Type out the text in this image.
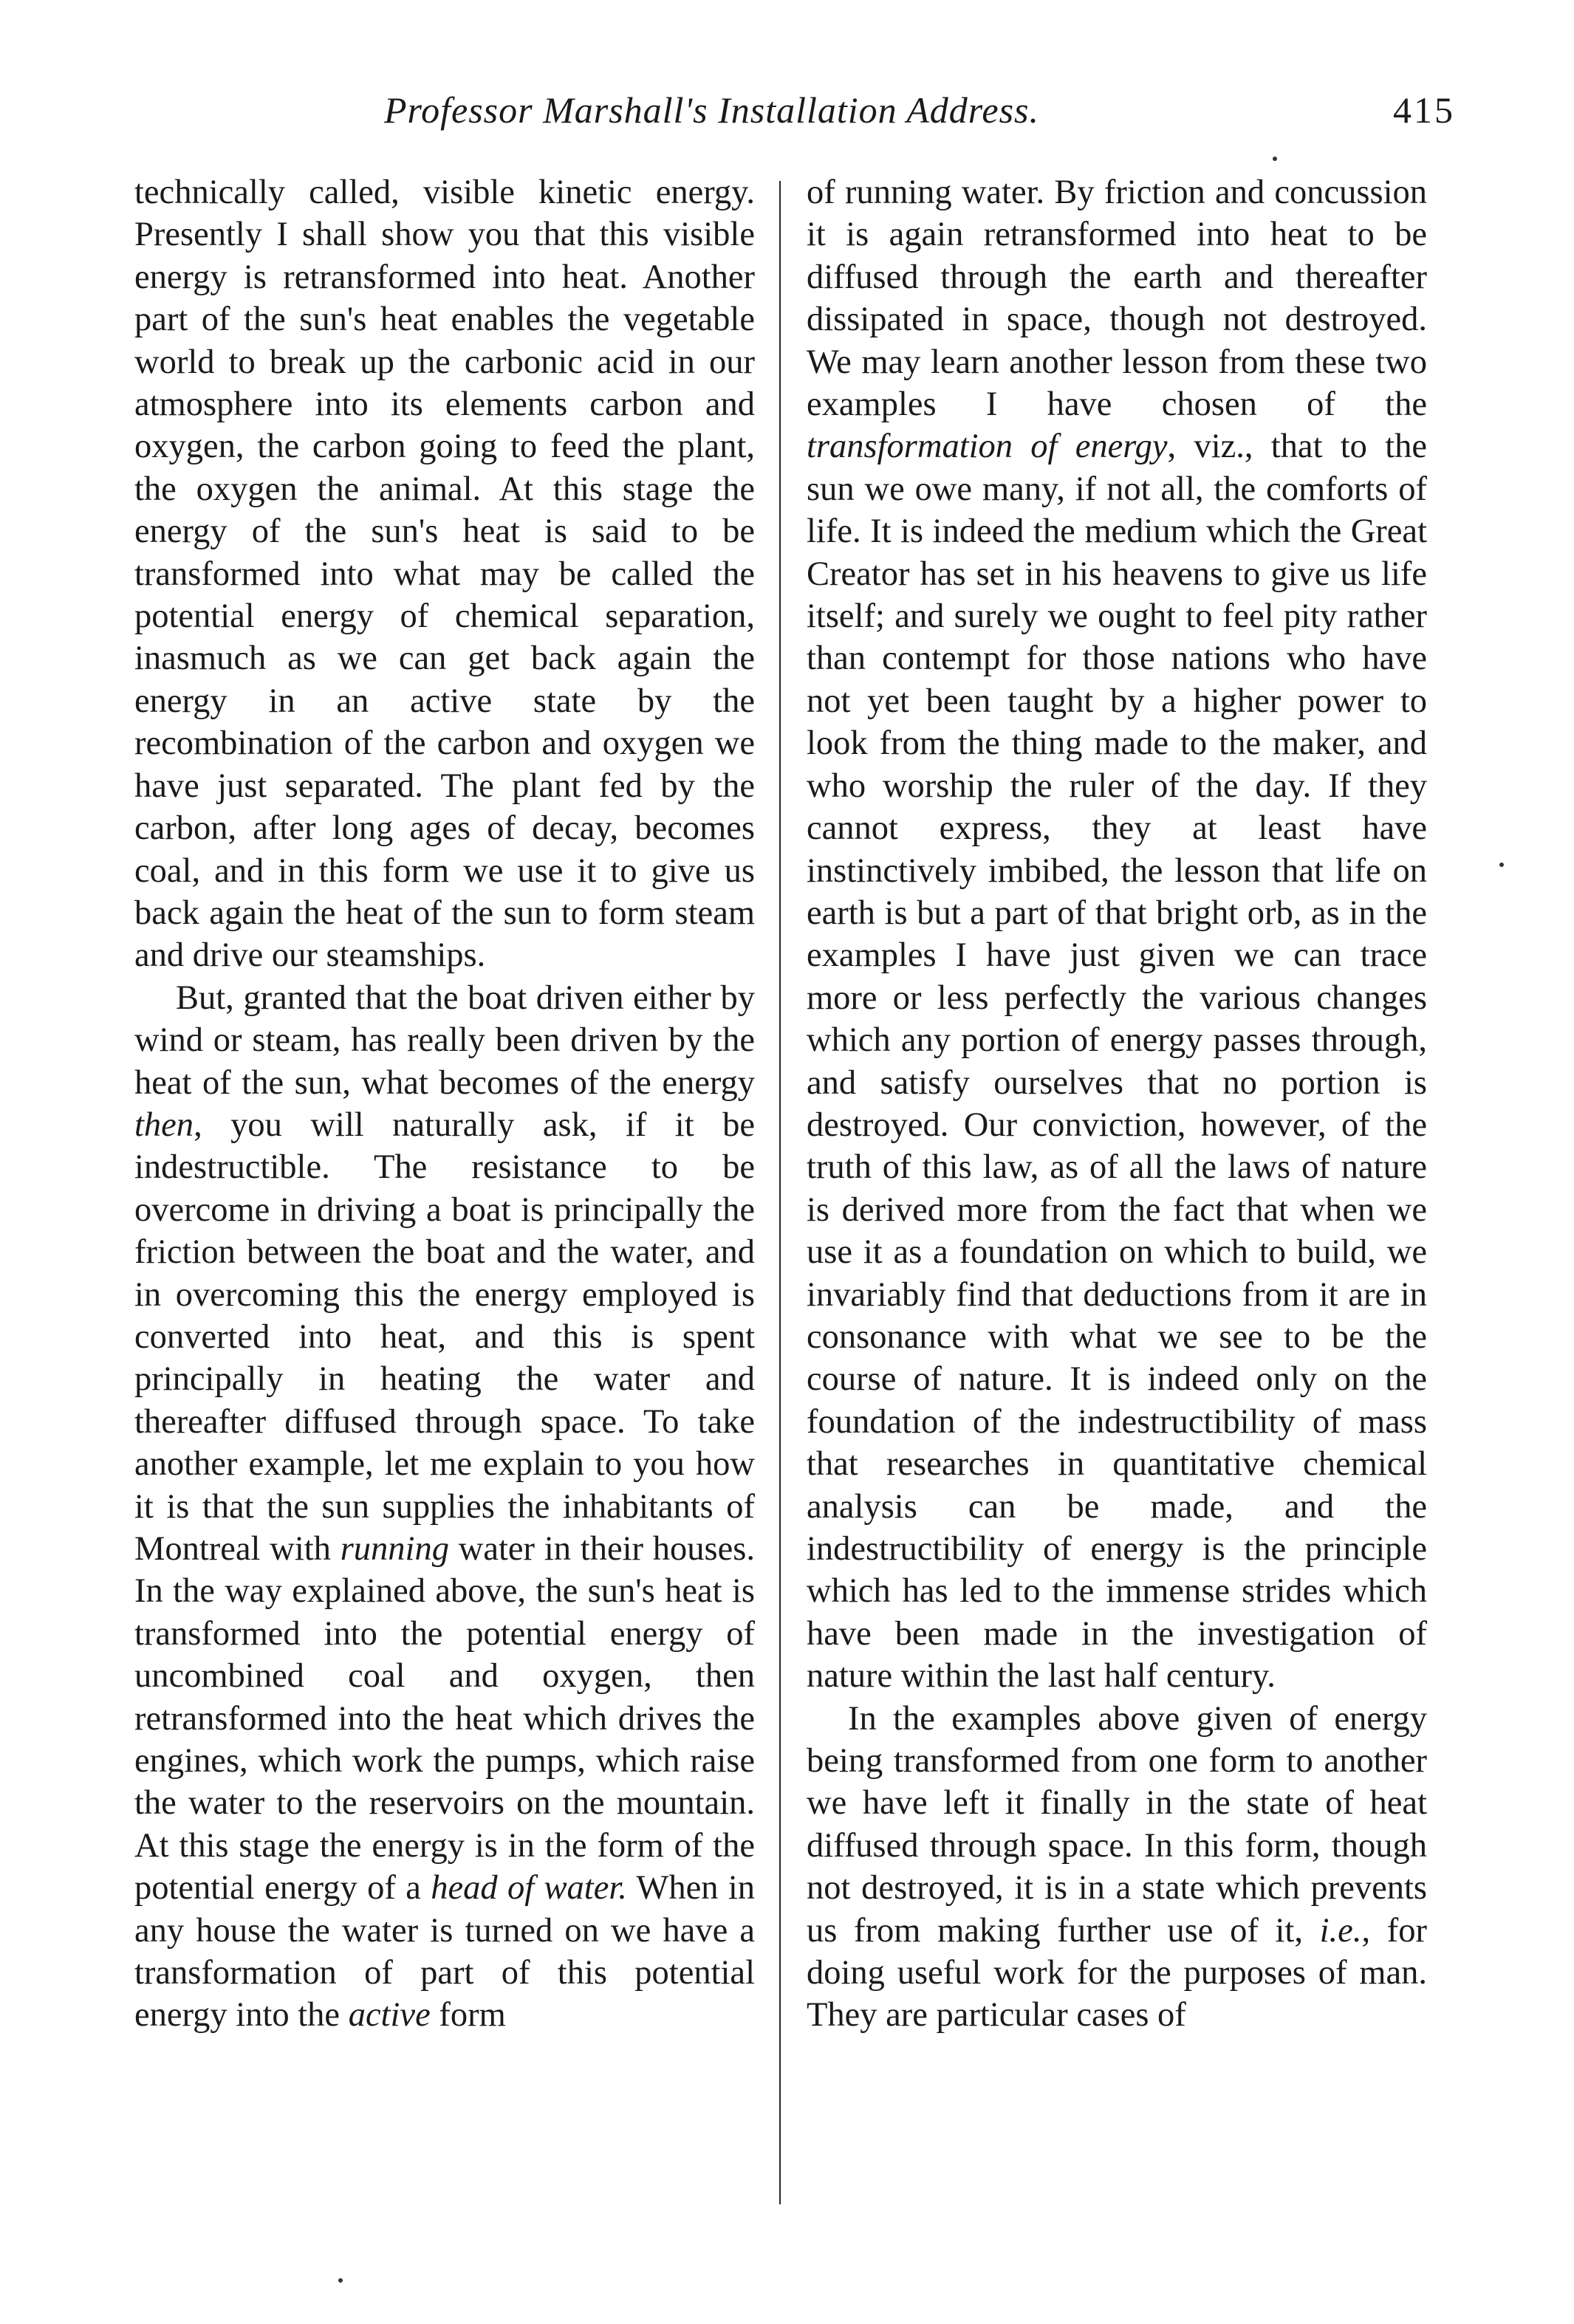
Professor Marshall's Installation Address.	415

technically called, visible kinetic energy. Presently I shall show you that this visible energy is retransformed into heat. Another part of the sun's heat enables the vegetable world to break up the carbonic acid in our atmosphere into its elements carbon and oxygen, the carbon going to feed the plant, the oxygen the animal. At this stage the energy of the sun's heat is said to be transformed into what may be called the potential energy of chemical separation, inasmuch as we can get back again the energy in an active state by the recombination of the carbon and oxygen we have just separated. The plant fed by the carbon, after long ages of decay, becomes coal, and in this form we use it to give us back again the heat of the sun to form steam and drive our steamships.

But, granted that the boat driven either by wind or steam, has really been driven by the heat of the sun, what becomes of the energy then, you will naturally ask, if it be indestructible. The resistance to be overcome in driving a boat is principally the friction between the boat and the water, and in overcoming this the energy employed is converted into heat, and this is spent principally in heating the water and thereafter diffused through space. To take another example, let me explain to you how it is that the sun supplies the inhabitants of Montreal with running water in their houses. In the way explained above, the sun's heat is transformed into the potential energy of uncombined coal and oxygen, then retransformed into the heat which drives the engines, which work the pumps, which raise the water to the reservoirs on the mountain. At this stage the energy is in the form of the potential energy of a head of water. When in any house the water is turned on we have a transformation of part of this potential energy into the active form

of running water. By friction and concussion it is again retransformed into heat to be diffused through the earth and thereafter dissipated in space, though not destroyed. We may learn another lesson from these two examples I have chosen of the transformation of energy, viz., that to the sun we owe many, if not all, the comforts of life. It is indeed the medium which the Great Creator has set in his heavens to give us life itself; and surely we ought to feel pity rather than contempt for those nations who have not yet been taught by a higher power to look from the thing made to the maker, and who worship the ruler of the day. If they cannot express, they at least have instinctively imbibed, the lesson that life on earth is but a part of that bright orb, as in the examples I have just given we can trace more or less perfectly the various changes which any portion of energy passes through, and satisfy ourselves that no portion is destroyed. Our conviction, however, of the truth of this law, as of all the laws of nature is derived more from the fact that when we use it as a foundation on which to build, we invariably find that deductions from it are in consonance with what we see to be the course of nature. It is indeed only on the foundation of the indestructibility of mass that researches in quantitative chemical analysis can be made, and the indestructibility of energy is the principle which has led to the immense strides which have been made in the investigation of nature within the last half century.

In the examples above given of energy being transformed from one form to another we have left it finally in the state of heat diffused through space. In this form, though not destroyed, it is in a state which prevents us from making further use of it, i.e., for doing useful work for the purposes of man. They are particular cases of
